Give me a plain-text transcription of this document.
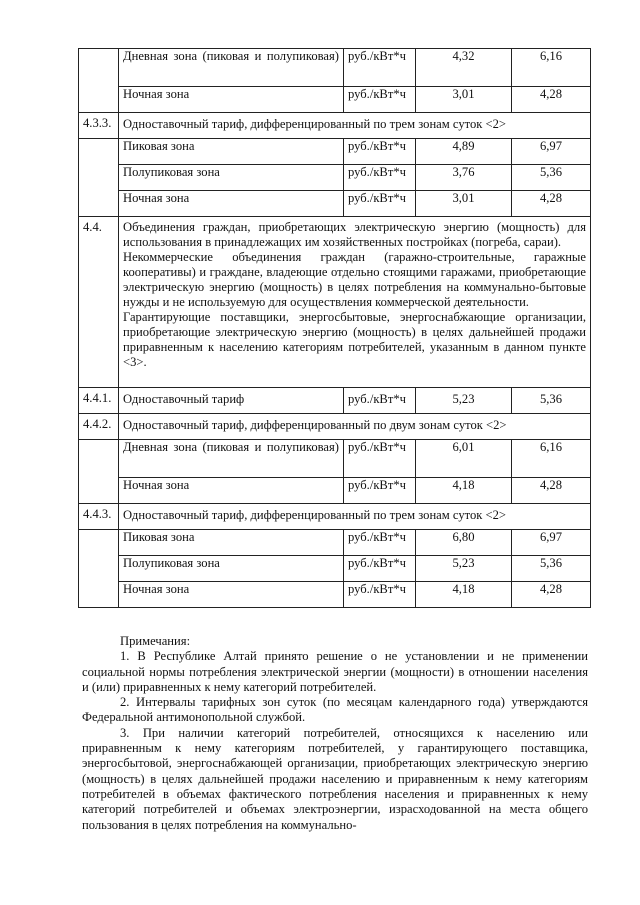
	Дневная зона (пиковая и полупиковая)	руб./кВт*ч	4,32	6,16
	Ночная зона	руб./кВт*ч	3,01	4,28
4.3.3.	Одноставочный тариф, дифференцированный по трем зонам суток <2>			
	Пиковая зона	руб./кВт*ч	4,89	6,97
	Полупиковая зона	руб./кВт*ч	3,76	5,36
	Ночная зона	руб./кВт*ч	3,01	4,28
4.4.	Объединения граждан, приобретающих электрическую энергию (мощность) для использования в принадлежащих им хозяйственных постройках (погреба, сараи).
Некоммерческие объединения граждан (гаражно-строительные, гаражные кооперативы) и граждане, владеющие отдельно стоящими гаражами, приобретающие электрическую энергию (мощность) в целях потребления на коммунально-бытовые нужды и не используемую для осуществления коммерческой деятельности.
Гарантирующие поставщики, энергосбытовые, энергоснабжающие организации, приобретающие электрическую энергию (мощность) в целях дальнейшей продажи приравненным к населению категориям потребителей, указанным в данном пункте <3>.			

4.4.1.	Одноставочный тариф	руб./кВт*ч	5,23	5,36
4.4.2.	Одноставочный тариф, дифференцированный по двум зонам суток <2>			
	Дневная зона (пиковая и полупиковая)	руб./кВт*ч	6,01	6,16
	Ночная зона	руб./кВт*ч	4,18	4,28
4.4.3.	Одноставочный тариф, дифференцированный по трем зонам суток <2>			
	Пиковая зона	руб./кВт*ч	6,80	6,97
	Полупиковая зона	руб./кВт*ч	5,23	5,36
	Ночная зона	руб./кВт*ч	4,18	4,28

Примечания:

1. В Республике Алтай принято решение о не установлении и не применении социальной нормы потребления электрической энергии (мощности) в отношении населения и (или) приравненных к нему категорий потребителей.

2. Интервалы тарифных зон суток (по месяцам календарного года) утверждаются Федеральной антимонопольной службой.

3. При наличии категорий потребителей, относящихся к населению или приравненным к нему категориям потребителей, у гарантирующего поставщика, энергосбытовой, энергоснабжающей организации, приобретающих электрическую энергию (мощность) в целях дальнейшей продажи населению и приравненным к нему категориям потребителей в объемах фактического потребления населения и приравненных к нему категорий потребителей и объемах электроэнергии, израсходованной на места общего пользования в целях потребления на коммунально-
